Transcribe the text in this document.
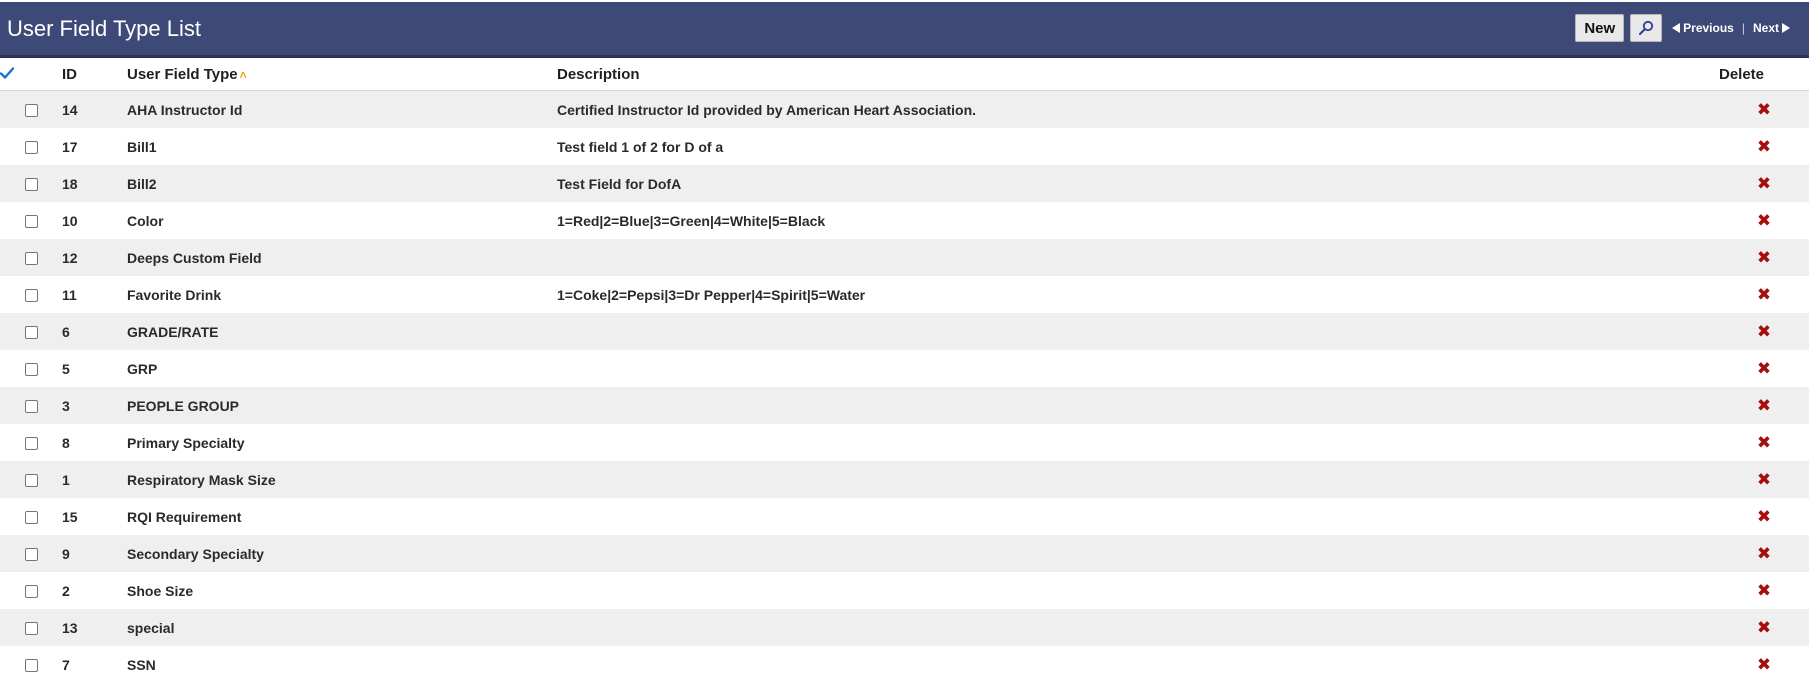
User Field Type List	New	Previous | Next
	ID	User Field Type ˄	Description	Delete
	14	AHA Instructor Id	Certified Instructor Id provided by American Heart Association.	✖
	17	Bill1	Test field 1 of 2 for D of a	✖
	18	Bill2	Test Field for DofA	✖
	10	Color	1=Red|2=Blue|3=Green|4=White|5=Black	✖
	12	Deeps Custom Field		✖
	11	Favorite Drink	1=Coke|2=Pepsi|3=Dr Pepper|4=Spirit|5=Water	✖
	6	GRADE/RATE		✖
	5	GRP		✖
	3	PEOPLE GROUP		✖
	8	Primary Specialty		✖
	1	Respiratory Mask Size		✖
	15	RQI Requirement		✖
	9	Secondary Specialty		✖
	2	Shoe Size		✖
	13	special		✖
	7	SSN		✖
